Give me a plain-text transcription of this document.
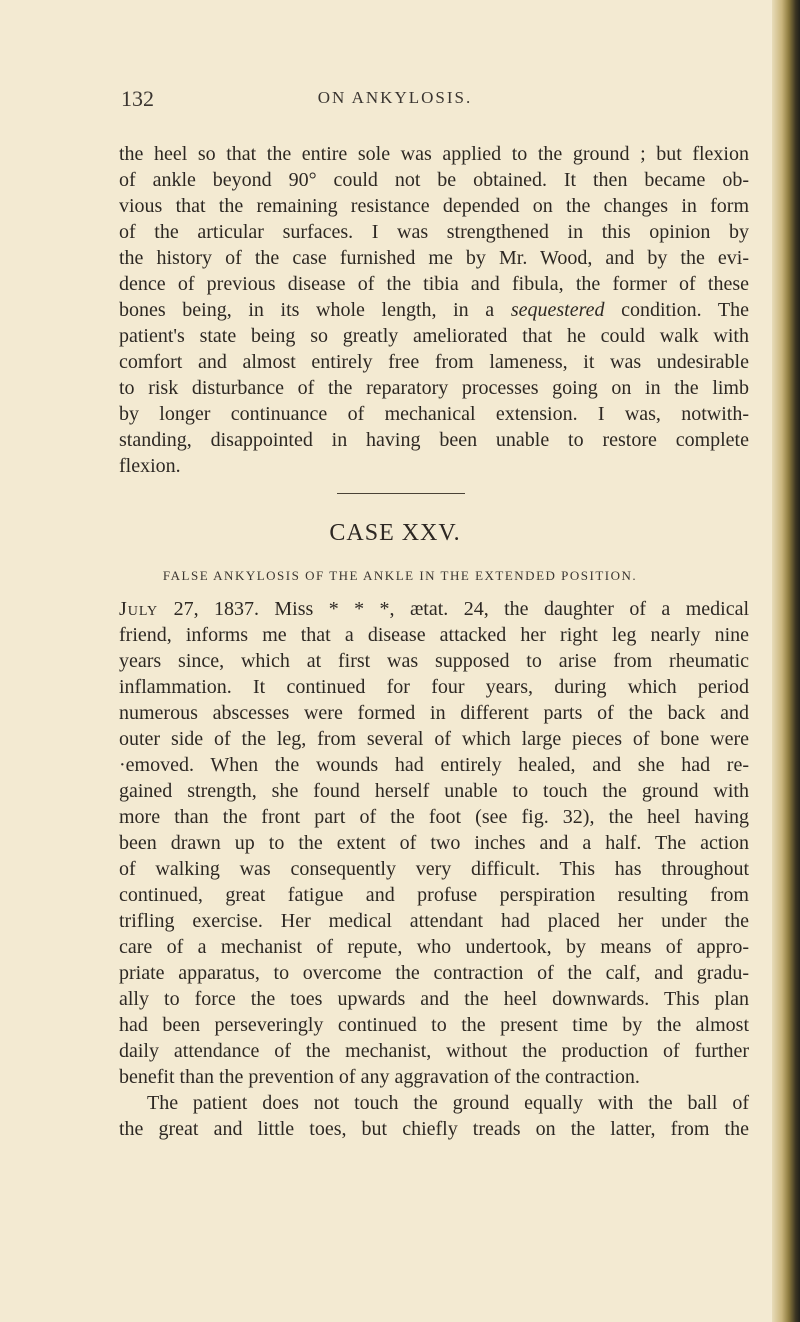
132	ON ANKYLOSIS.
the heel so that the entire sole was applied to the ground ; but flexion
of ankle beyond 90° could not be obtained. It then became ob-
vious that the remaining resistance depended on the changes in form
of the articular surfaces. I was strengthened in this opinion by
the history of the case furnished me by Mr. Wood, and by the evi-
dence of previous disease of the tibia and fibula, the former of these
bones being, in its whole length, in a sequestered condition. The
patient's state being so greatly ameliorated that he could walk with
comfort and almost entirely free from lameness, it was undesirable
to risk disturbance of the reparatory processes going on in the limb
by longer continuance of mechanical extension. I was, notwith-
standing, disappointed in having been unable to restore complete
flexion.
CASE XXV.
FALSE ANKYLOSIS OF THE ANKLE IN THE EXTENDED POSITION.
July 27, 1837. Miss * * *, ætat. 24, the daughter of a medical
friend, informs me that a disease attacked her right leg nearly nine
years since, which at first was supposed to arise from rheumatic
inflammation. It continued for four years, during which period
numerous abscesses were formed in different parts of the back and
outer side of the leg, from several of which large pieces of bone were
·emoved. When the wounds had entirely healed, and she had re-
gained strength, she found herself unable to touch the ground with
more than the front part of the foot (see fig. 32), the heel having
been drawn up to the extent of two inches and a half. The action
of walking was consequently very difficult. This has throughout
continued, great fatigue and profuse perspiration resulting from
trifling exercise. Her medical attendant had placed her under the
care of a mechanist of repute, who undertook, by means of appro-
priate apparatus, to overcome the contraction of the calf, and gradu-
ally to force the toes upwards and the heel downwards. This plan
had been perseveringly continued to the present time by the almost
daily attendance of the mechanist, without the production of further
benefit than the prevention of any aggravation of the contraction.
The patient does not touch the ground equally with the ball of
the great and little toes, but chiefly treads on the latter, from the
